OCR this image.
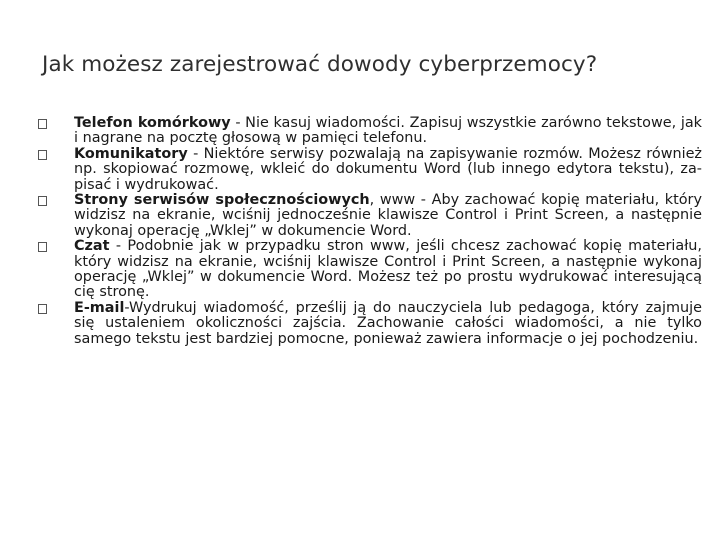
Jak możesz zarejestrować dowody cyberprzemocy?
Telefon komórkowy - Nie kasuj wiadomości. Zapisuj wszystkie zarówno tekstowe, jak i nagrane na pocztę głosową w pamięci telefonu.
Komunikatory - Niektóre serwisy pozwalają na zapisywanie rozmów. Możesz również np. skopiować rozmowę, wkleić do dokumentu Word (lub innego edytora tekstu), za-pisać i wydrukować.
Strony serwisów społecznościowych, www - Aby zachować kopię materiału, który widzisz na ekranie, wciśnij jednocześnie klawisze Control i Print Screen, a następnie wykonaj operację „Wklej” w dokumencie Word.
Czat - Podobnie jak w przypadku stron www, jeśli chcesz zachować kopię materiału, który widzisz na ekranie, wciśnij klawisze Control i Print Screen, a następnie wykonaj operację „Wklej” w dokumencie Word. Możesz też po prostu wydrukować interesującą cię stronę.
E-mail-Wydrukuj wiadomość, prześlij ją do nauczyciela lub pedagoga, który zajmuje się ustaleniem okoliczności zajścia. Zachowanie całości wiadomości, a nie tylko samego tekstu jest bardziej pomocne, ponieważ zawiera informacje o jej pochodzeniu.
